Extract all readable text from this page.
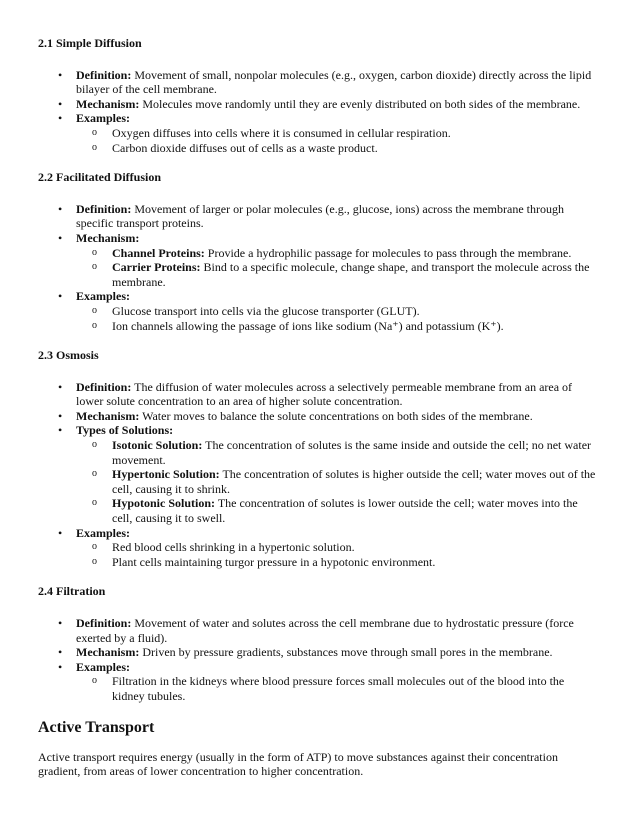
2.1 Simple Diffusion
• Definition: Movement of small, nonpolar molecules (e.g., oxygen, carbon dioxide) directly across the lipid bilayer of the cell membrane.
• Mechanism: Molecules move randomly until they are evenly distributed on both sides of the membrane.
• Examples:
o Oxygen diffuses into cells where it is consumed in cellular respiration.
o Carbon dioxide diffuses out of cells as a waste product.
2.2 Facilitated Diffusion
• Definition: Movement of larger or polar molecules (e.g., glucose, ions) across the membrane through specific transport proteins.
• Mechanism:
o Channel Proteins: Provide a hydrophilic passage for molecules to pass through the membrane.
o Carrier Proteins: Bind to a specific molecule, change shape, and transport the molecule across the membrane.
• Examples:
o Glucose transport into cells via the glucose transporter (GLUT).
o Ion channels allowing the passage of ions like sodium (Na⁺) and potassium (K⁺).
2.3 Osmosis
• Definition: The diffusion of water molecules across a selectively permeable membrane from an area of lower solute concentration to an area of higher solute concentration.
• Mechanism: Water moves to balance the solute concentrations on both sides of the membrane.
• Types of Solutions:
o Isotonic Solution: The concentration of solutes is the same inside and outside the cell; no net water movement.
o Hypertonic Solution: The concentration of solutes is higher outside the cell; water moves out of the cell, causing it to shrink.
o Hypotonic Solution: The concentration of solutes is lower outside the cell; water moves into the cell, causing it to swell.
• Examples:
o Red blood cells shrinking in a hypertonic solution.
o Plant cells maintaining turgor pressure in a hypotonic environment.
2.4 Filtration
• Definition: Movement of water and solutes across the cell membrane due to hydrostatic pressure (force exerted by a fluid).
• Mechanism: Driven by pressure gradients, substances move through small pores in the membrane.
• Examples:
o Filtration in the kidneys where blood pressure forces small molecules out of the blood into the kidney tubules.
Active Transport

Active transport requires energy (usually in the form of ATP) to move substances against their concentration gradient, from areas of lower concentration to higher concentration.
